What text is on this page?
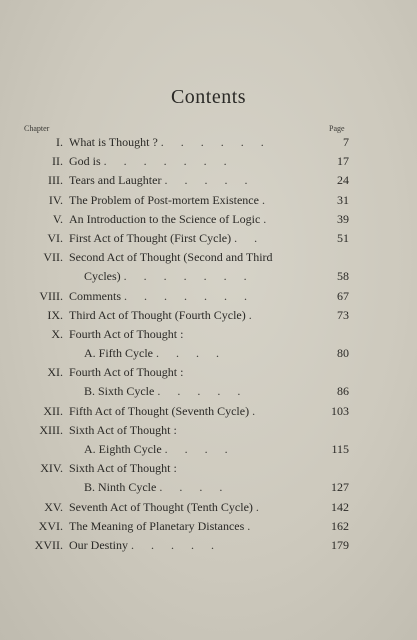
Contents
Chapter	Page
I. What is Thought ? . . . . . .	7
II. God is . . . . . . .	17
III. Tears and Laughter . . . . .	24
IV. The Problem of Post-mortem Existence .	31
V. An Introduction to the Science of Logic .	39
VI. First Act of Thought (First Cycle) . .	51
VII. Second Act of Thought (Second and Third
Cycles) . . . . . . .	58
VIII. Comments . . . . . . .	67
IX. Third Act of Thought (Fourth Cycle) .	73
X. Fourth Act of Thought :
A. Fifth Cycle . . . .	80
XI. Fourth Act of Thought :
B. Sixth Cycle . . . . .	86
XII. Fifth Act of Thought (Seventh Cycle) .	103
XIII. Sixth Act of Thought :
A. Eighth Cycle . . . .	115
XIV. Sixth Act of Thought :
B. Ninth Cycle . . . .	127
XV. Seventh Act of Thought (Tenth Cycle) .	142
XVI. The Meaning of Planetary Distances .	162
XVII. Our Destiny . . . . .	179
